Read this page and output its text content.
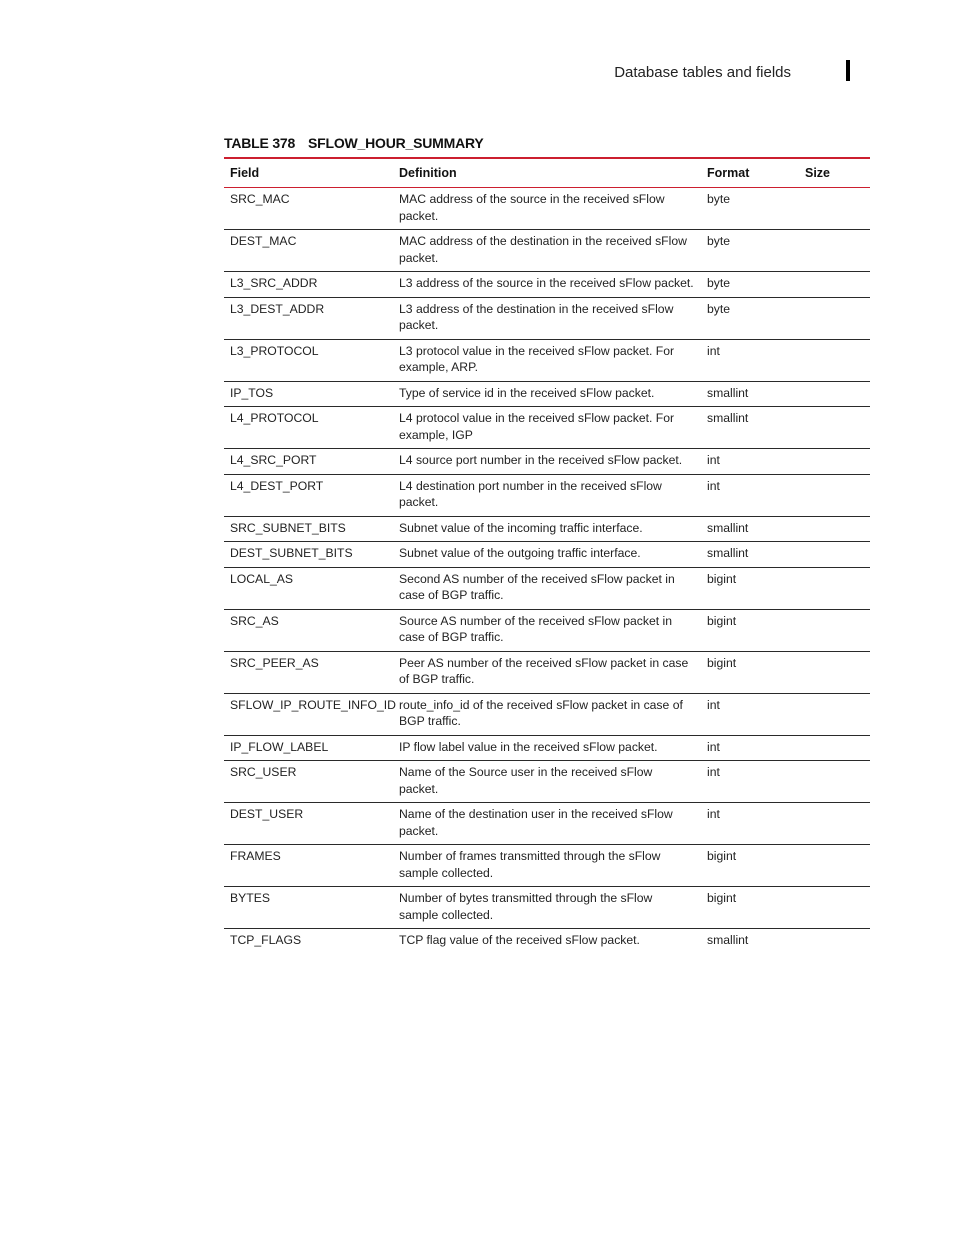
Database tables and fields
TABLE 378 SFLOW_HOUR_SUMMARY
Field	Definition	Format	Size
SRC_MAC	MAC address of the source in the received sFlow packet.	byte	
DEST_MAC	MAC address of the destination in the received sFlow packet.	byte	
L3_SRC_ADDR	L3 address of the source in the received sFlow packet.	byte	
L3_DEST_ADDR	L3 address of the destination in the received sFlow packet.	byte	
L3_PROTOCOL	L3 protocol value in the received sFlow packet. For example, ARP.	int	
IP_TOS	Type of service id in the received sFlow packet.	smallint	
L4_PROTOCOL	L4 protocol value in the received sFlow packet. For example, IGP	smallint	
L4_SRC_PORT	L4 source port number in the received sFlow packet.	int	
L4_DEST_PORT	L4 destination port number in the received sFlow packet.	int	
SRC_SUBNET_BITS	Subnet value of the incoming traffic interface.	smallint	
DEST_SUBNET_BITS	Subnet value of the outgoing traffic interface.	smallint	
LOCAL_AS	Second AS number of the received sFlow packet in case of BGP traffic.	bigint	
SRC_AS	Source AS number of the received sFlow packet in case of BGP traffic.	bigint	
SRC_PEER_AS	Peer AS number of the received sFlow packet in case of BGP traffic.	bigint	
SFLOW_IP_ROUTE_INFO_ID	route_info_id of the received sFlow packet in case of BGP traffic.	int	
IP_FLOW_LABEL	IP flow label value in the received sFlow packet.	int	
SRC_USER	Name of the Source user in the received sFlow packet.	int	
DEST_USER	Name of the destination user in the received sFlow packet.	int	
FRAMES	Number of frames transmitted through the sFlow sample collected.	bigint	
BYTES	Number of bytes transmitted through the sFlow sample collected.	bigint	
TCP_FLAGS	TCP flag value of the received sFlow packet.	smallint	
